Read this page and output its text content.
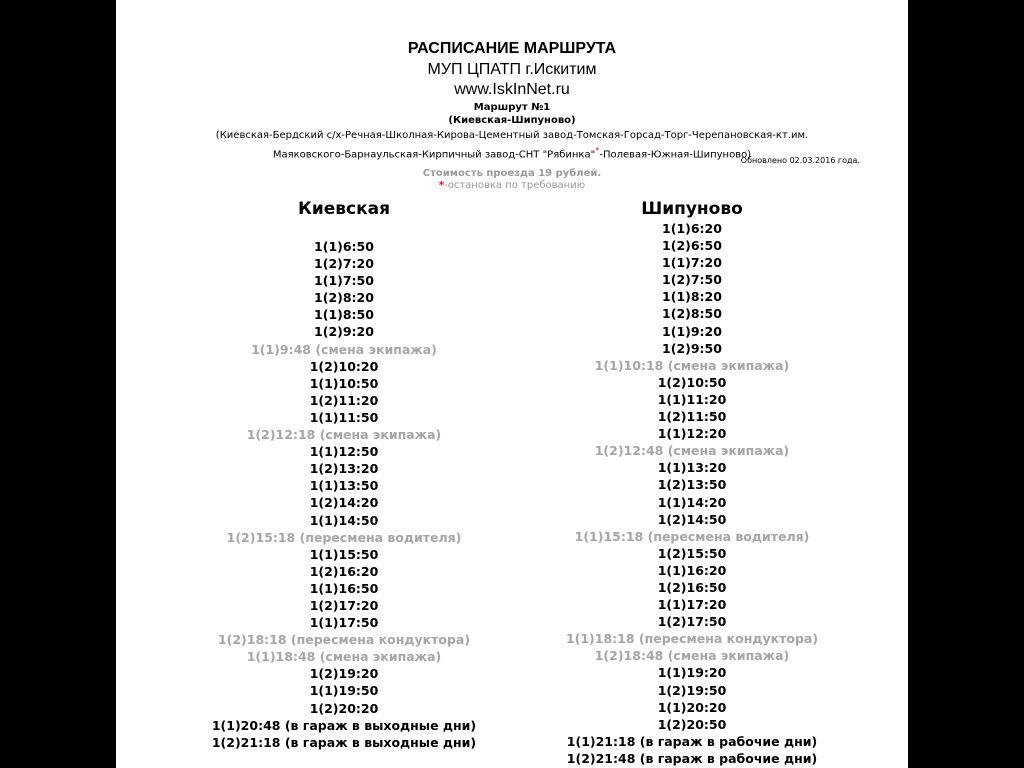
РАСПИСАНИЕ МАРШРУТА
МУП ЦПАТП г.Искитим
www.IskInNet.ru
Маршрут №1
(Киевская-Шипуново)
(Киевская-Бердский с/х-Речная-Школная-Кирова-Цементный завод-Томская-Горсад-Торг-Черепановская-кт.им. Маяковского-Барнаульская-Кирпичный завод-СНТ "Рябинка"*-Полевая-Южная-Шипуново)
Обновлено 02.03.2016 года.
Стоимость проезда 19 рублей.
*-остановка по требованию
Киевская
1(1)6:50
1(2)7:20
1(1)7:50
1(2)8:20
1(1)8:50
1(2)9:20
1(1)9:48 (смена экипажа)
1(2)10:20
1(1)10:50
1(2)11:20
1(1)11:50
1(2)12:18 (смена экипажа)
1(1)12:50
1(2)13:20
1(1)13:50
1(2)14:20
1(1)14:50
1(2)15:18 (пересмена водителя)
1(1)15:50
1(2)16:20
1(1)16:50
1(2)17:20
1(1)17:50
1(2)18:18 (пересмена кондуктора)
1(1)18:48 (смена экипажа)
1(2)19:20
1(1)19:50
1(2)20:20
1(1)20:48 (в гараж в выходные дни)
1(2)21:18 (в гараж в выходные дни)
Шипуново
1(1)6:20
1(2)6:50
1(1)7:20
1(2)7:50
1(1)8:20
1(2)8:50
1(1)9:20
1(2)9:50
1(1)10:18 (смена экипажа)
1(2)10:50
1(1)11:20
1(2)11:50
1(1)12:20
1(2)12:48 (смена экипажа)
1(1)13:20
1(2)13:50
1(1)14:20
1(2)14:50
1(1)15:18 (пересмена водителя)
1(2)15:50
1(1)16:20
1(2)16:50
1(1)17:20
1(2)17:50
1(1)18:18 (пересмена кондуктора)
1(2)18:48 (смена экипажа)
1(1)19:20
1(2)19:50
1(1)20:20
1(2)20:50
1(1)21:18 (в гараж в рабочие дни)
1(2)21:48 (в гараж в рабочие дни)
